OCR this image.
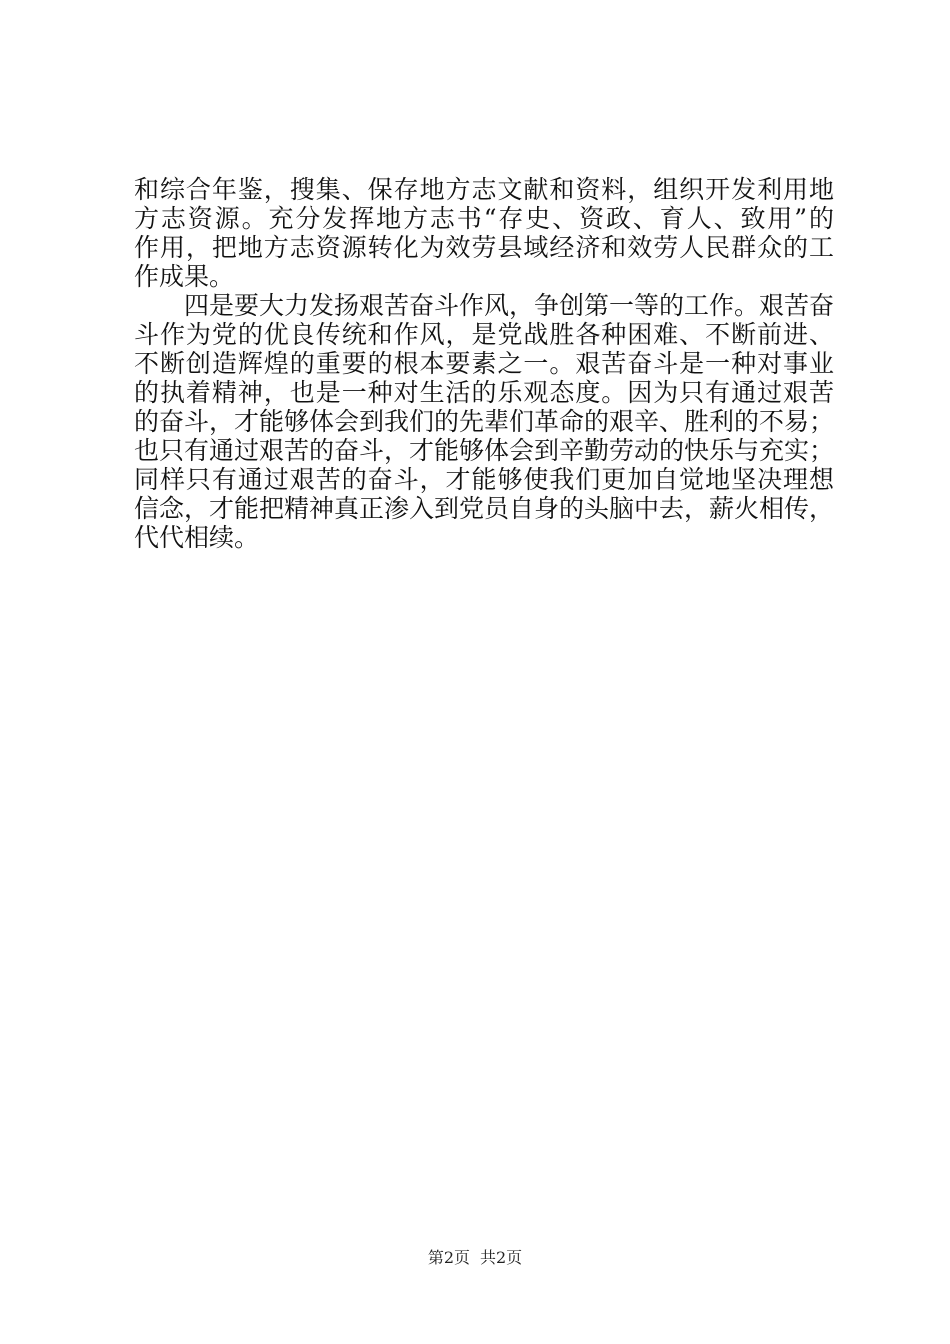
和综合年鉴，搜集、保存地方志文献和资料，组织开发利用地
方志资源。充分发挥地方志书“存史、资政、育人、致用”的
作用，把地方志资源转化为效劳县域经济和效劳人民群众的工
作成果。
四是要大力发扬艰苦奋斗作风，争创第一等的工作。艰苦奋
斗作为党的优良传统和作风，是党战胜各种困难、不断前进、
不断创造辉煌的重要的根本要素之一。艰苦奋斗是一种对事业
的执着精神，也是一种对生活的乐观态度。因为只有通过艰苦
的奋斗，才能够体会到我们的先辈们革命的艰辛、胜利的不易；
也只有通过艰苦的奋斗，才能够体会到辛勤劳动的快乐与充实；
同样只有通过艰苦的奋斗，才能够使我们更加自觉地坚决理想
信念，才能把精神真正渗入到党员自身的头脑中去，薪火相传，
代代相续。
第2页 共2页
